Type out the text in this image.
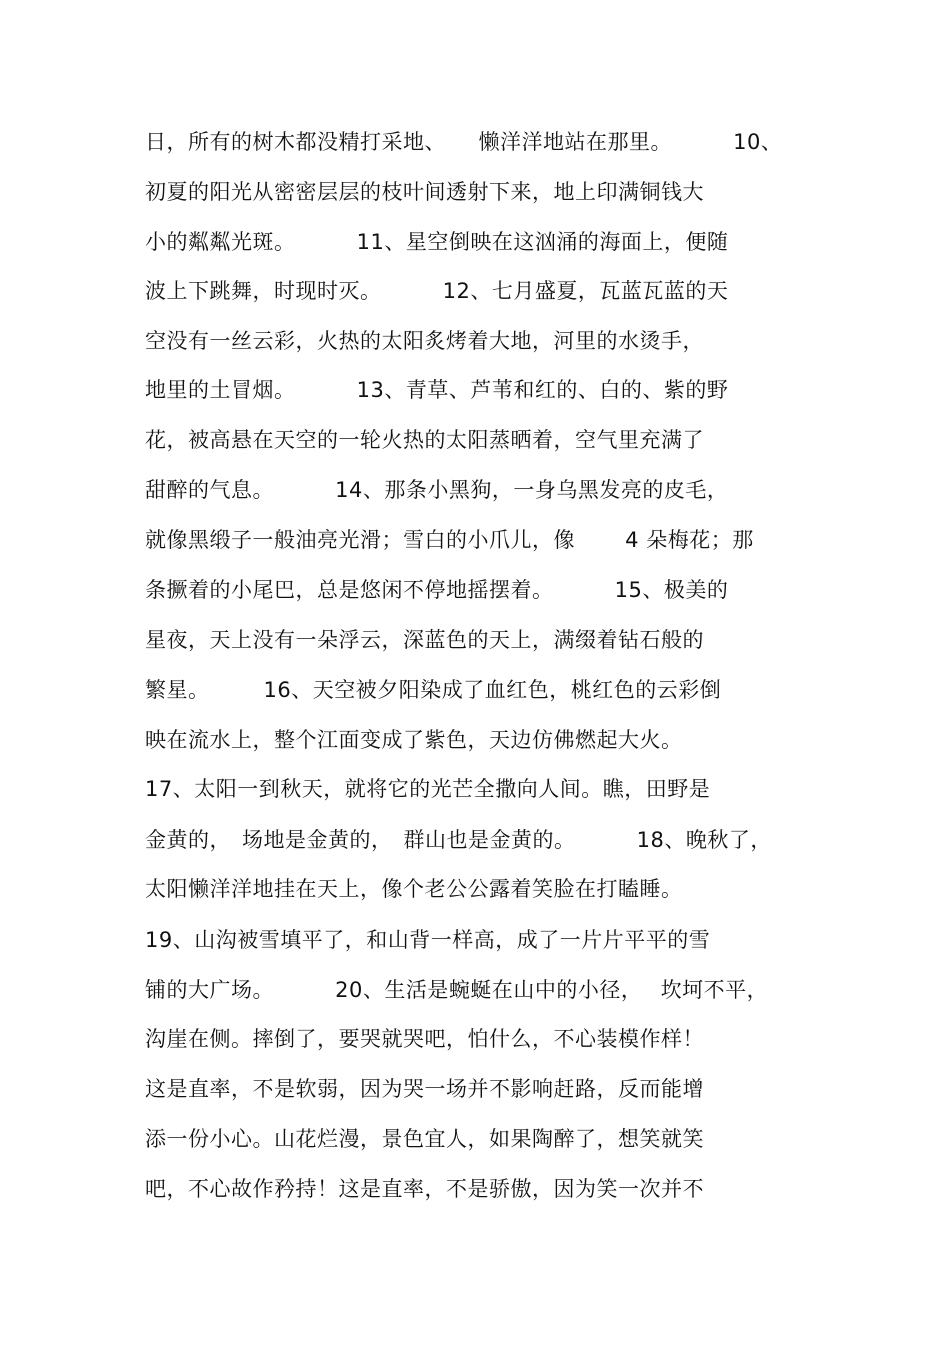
日，所有的树木都没精打采地、　　懒洋洋地站在那里。　　　 10、
初夏的阳光从密密层层的枝叶间透射下来，地上印满铜钱大
小的粼粼光斑。　　　 11、星空倒映在这汹涌的海面上，便随
波上下跳舞，时现时灭。　　　 12、七月盛夏，瓦蓝瓦蓝的天
空没有一丝云彩，火热的太阳炙烤着大地，河里的水烫手，
地里的土冒烟。　　　 13、青草、芦苇和红的、白的、紫的野
花，被高悬在天空的一轮火热的太阳蒸晒着，空气里充满了
甜醉的气息。　　　 14、那条小黑狗，一身乌黑发亮的皮毛，
就像黑缎子一般油亮光滑；雪白的小爪儿，像　　 4 朵梅花；那
条撅着的小尾巴，总是悠闲不停地摇摆着。　　　 15、极美的
星夜，天上没有一朵浮云，深蓝色的天上，满缀着钻石般的
繁星。　　　16、天空被夕阳染成了血红色，桃红色的云彩倒
映在流水上，整个江面变成了紫色，天边仿佛燃起大火。
17、太阳一到秋天，就将它的光芒全撒向人间。瞧，田野是
金黄的，　场地是金黄的，　群山也是金黄的。　　　 18、晚秋了，
太阳懒洋洋地挂在天上，像个老公公露着笑脸在打瞌睡。
19、山沟被雪填平了，和山背一样高，成了一片片平平的雪
铺的大广场。　　　 20、生活是蜿蜒在山中的小径，　 坎坷不平，
沟崖在侧。摔倒了，要哭就哭吧，怕什么，不心装模作样！
这是直率，不是软弱，因为哭一场并不影响赶路，反而能增
添一份小心。山花烂漫，景色宜人，如果陶醉了，想笑就笑
吧，不心故作矜持！这是直率，不是骄傲，因为笑一次并不
